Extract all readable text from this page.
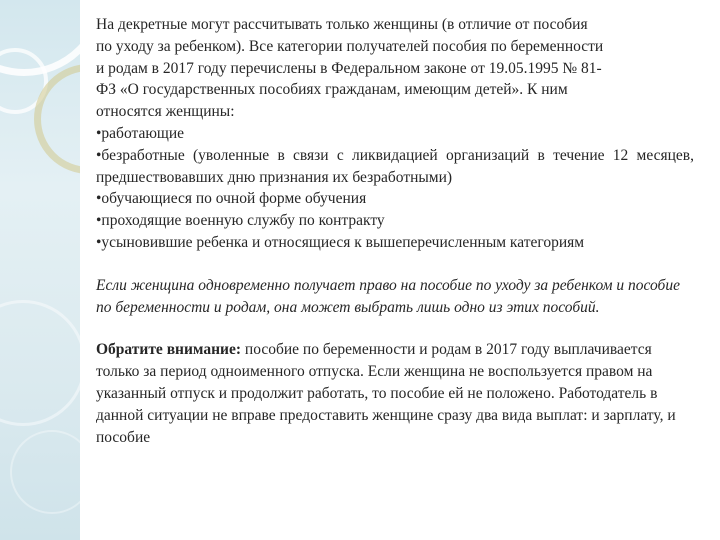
На декретные могут рассчитывать только женщины (в отличие от пособия
по уходу за ребенком). Все категории получателей пособия по беременности
и родам в 2017 году перечислены в Федеральном законе от 19.05.1995 № 81-
ФЗ «О государственных пособиях гражданам, имеющим детей». К ним
относятся женщины:
•работающие
•безработные (уволенные в связи с ликвидацией организаций в течение 12 месяцев, предшествовавших дню признания их безработными)
•обучающиеся по очной форме обучения
•проходящие военную службу по контракту
•усыновившие ребенка и относящиеся к вышеперечисленным категориям
Если женщина одновременно получает право на пособие по уходу за ребенком и пособие по беременности и родам, она может выбрать лишь одно из этих пособий.
Обратите внимание: пособие по беременности и родам в 2017 году выплачивается только за период одноименного отпуска. Если женщина не воспользуется правом на указанный отпуск и продолжит работать, то пособие ей не положено. Работодатель в данной ситуации не вправе предоставить женщине сразу два вида выплат: и зарплату, и пособие
